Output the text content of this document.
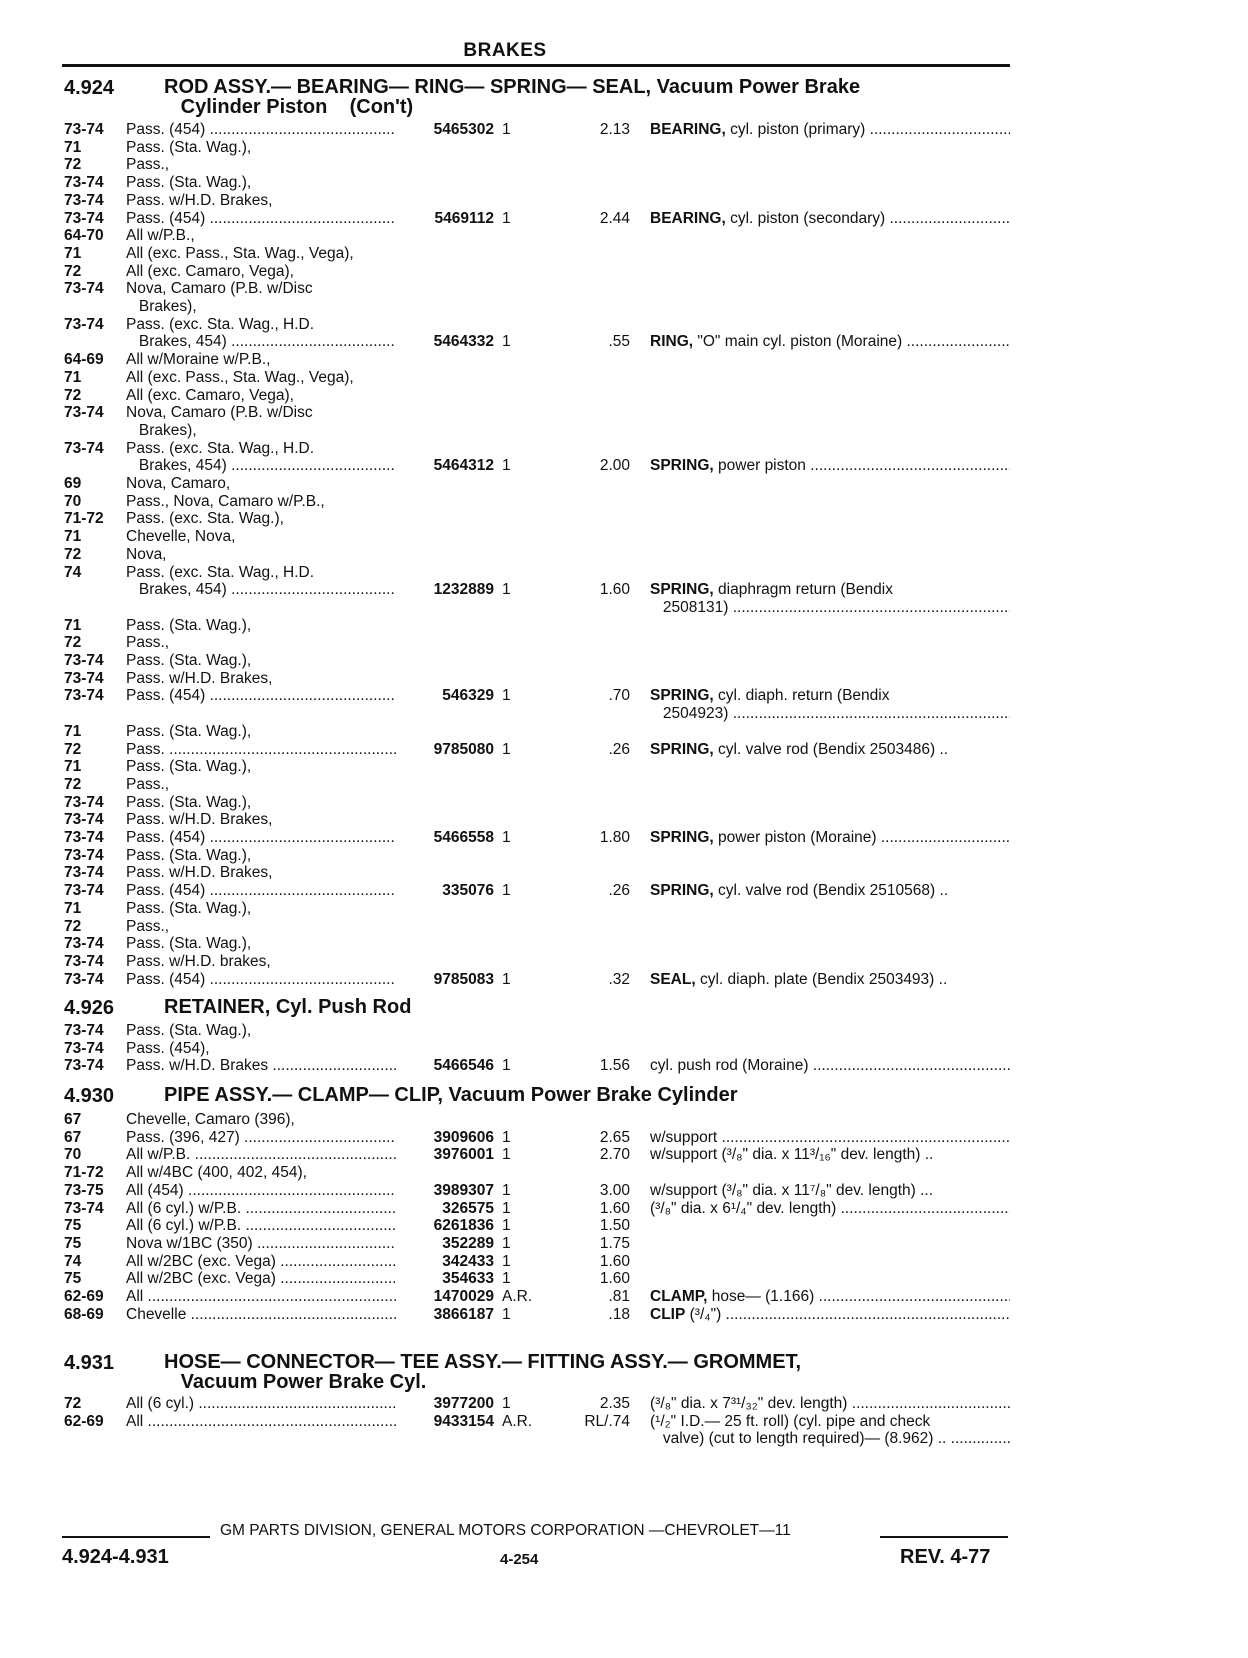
BRAKES
4.924 ROD ASSY.— BEARING— RING— SPRING— SEAL, Vacuum Power Brake
Cylinder Piston    (Con't)
4.926 RETAINER, Cyl. Push Rod
4.930 PIPE ASSY.— CLAMP— CLIP, Vacuum Power Brake Cylinder
4.931 HOSE— CONNECTOR— TEE ASSY.— FITTING ASSY.— GROMMET,
Vacuum Power Brake Cyl.
73-74 Pass. (454) .....	5465302 1	2.13 BEARING, cyl. piston (primary) .....
71	Pass. (Sta. Wag.),
72	Pass.,
73-74 Pass. (Sta. Wag.),
73-74 Pass. w/H.D. Brakes,
73-74 Pass. (454) .....	5469112 1	2.44 BEARING, cyl. piston (secondary) .....
64-70 All w/P.B.,
71	All (exc. Pass., Sta. Wag., Vega),
72	All (exc. Camaro, Vega),
73-74 Nova, Camaro (P.B. w/Disc
Brakes),
73-74 Pass. (exc. Sta. Wag., H.D.
Brakes, 454) .....	5464332 1	.55 RING, "O" main cyl. piston (Moraine) .....
64-69 All w/Moraine w/P.B.,
71	All (exc. Pass., Sta. Wag., Vega),
72	All (exc. Camaro, Vega),
73-74 Nova, Camaro (P.B. w/Disc
Brakes),
73-74 Pass. (exc. Sta. Wag., H.D.
Brakes, 454) .....	5464312 1	2.00 SPRING, power piston .....
69	Nova, Camaro,
70	Pass., Nova, Camaro w/P.B.,
71-72 Pass. (exc. Sta. Wag.),
71	Chevelle, Nova,
72	Nova,
74	Pass. (exc. Sta. Wag., H.D.
Brakes, 454) .....	1232889 1	1.60 SPRING, diaphragm return (Bendix
2508131) .....
71	Pass. (Sta. Wag.),
72	Pass.,
73-74 Pass. (Sta. Wag.),
73-74 Pass. w/H.D. Brakes,
73-74 Pass. (454) .....	546329 1	.70 SPRING, cyl. diaph. return (Bendix
2504923) .....
71	Pass. (Sta. Wag.),
72	Pass. .....	9785080 1	.26 SPRING, cyl. valve rod (Bendix 2503486) ..
71	Pass. (Sta. Wag.),
72	Pass.,
73-74 Pass. (Sta. Wag.),
73-74 Pass. w/H.D. Brakes,
73-74 Pass. (454) .....	5466558 1	1.80 SPRING, power piston (Moraine) .....
73-74 Pass. (Sta. Wag.),
73-74 Pass. w/H.D. Brakes,
73-74 Pass. (454) .....	335076 1	.26 SPRING, cyl. valve rod (Bendix 2510568) ..
71	Pass. (Sta. Wag.),
72	Pass.,
73-74 Pass. (Sta. Wag.),
73-74 Pass. w/H.D. brakes,
73-74 Pass. (454) .....	9785083 1	.32 SEAL, cyl. diaph. plate (Bendix 2503493) ..
73-74 Pass. (Sta. Wag.),
73-74 Pass. (454),
73-74 Pass. w/H.D. Brakes .....	5466546 1	1.56 cyl. push rod (Moraine) .....
67	Chevelle, Camaro (396),
67	Pass. (396, 427) .....	3909606 1	2.65 w/support .....
70	All w/P.B. .....	3976001 1	2.70 w/support (³/₈" dia. x 11³/₁₆" dev. length) ..
71-72 All w/4BC (400, 402, 454),
73-75 All (454) .....	3989307 1	3.00 w/support (³/₈" dia. x 11⁷/₈" dev. length) ...
73-74 All (6 cyl.) w/P.B. .....	326575 1	1.60 (³/₈" dia. x 6¹/₄" dev. length) .....
75	All (6 cyl.) w/P.B. .....	6261836 1	1.50
75	Nova w/1BC (350) .....	352289 1	1.75
74	All w/2BC (exc. Vega) .....	342433 1	1.60
75	All w/2BC (exc. Vega) .....	354633 1	1.60
62-69 All .....	1470029 A.R.	.81 CLAMP, hose— (1.166) .....
68-69 Chevelle .....	3866187 1	.18 CLIP (³/₄") .....
72	All (6 cyl.) .....	3977200 1	2.35 (³/₈" dia. x 7³¹/₃₂" dev. length) .....
62-69 All .....	9433154 A.R.	RL/.74 (¹/₂" I.D.— 25 ft. roll) (cyl. pipe and check
valve) (cut to length required)— (8.962) .. .....
GM PARTS DIVISION, GENERAL MOTORS CORPORATION —CHEVROLET—11
4.924-4.931	4-254	REV. 4-77
